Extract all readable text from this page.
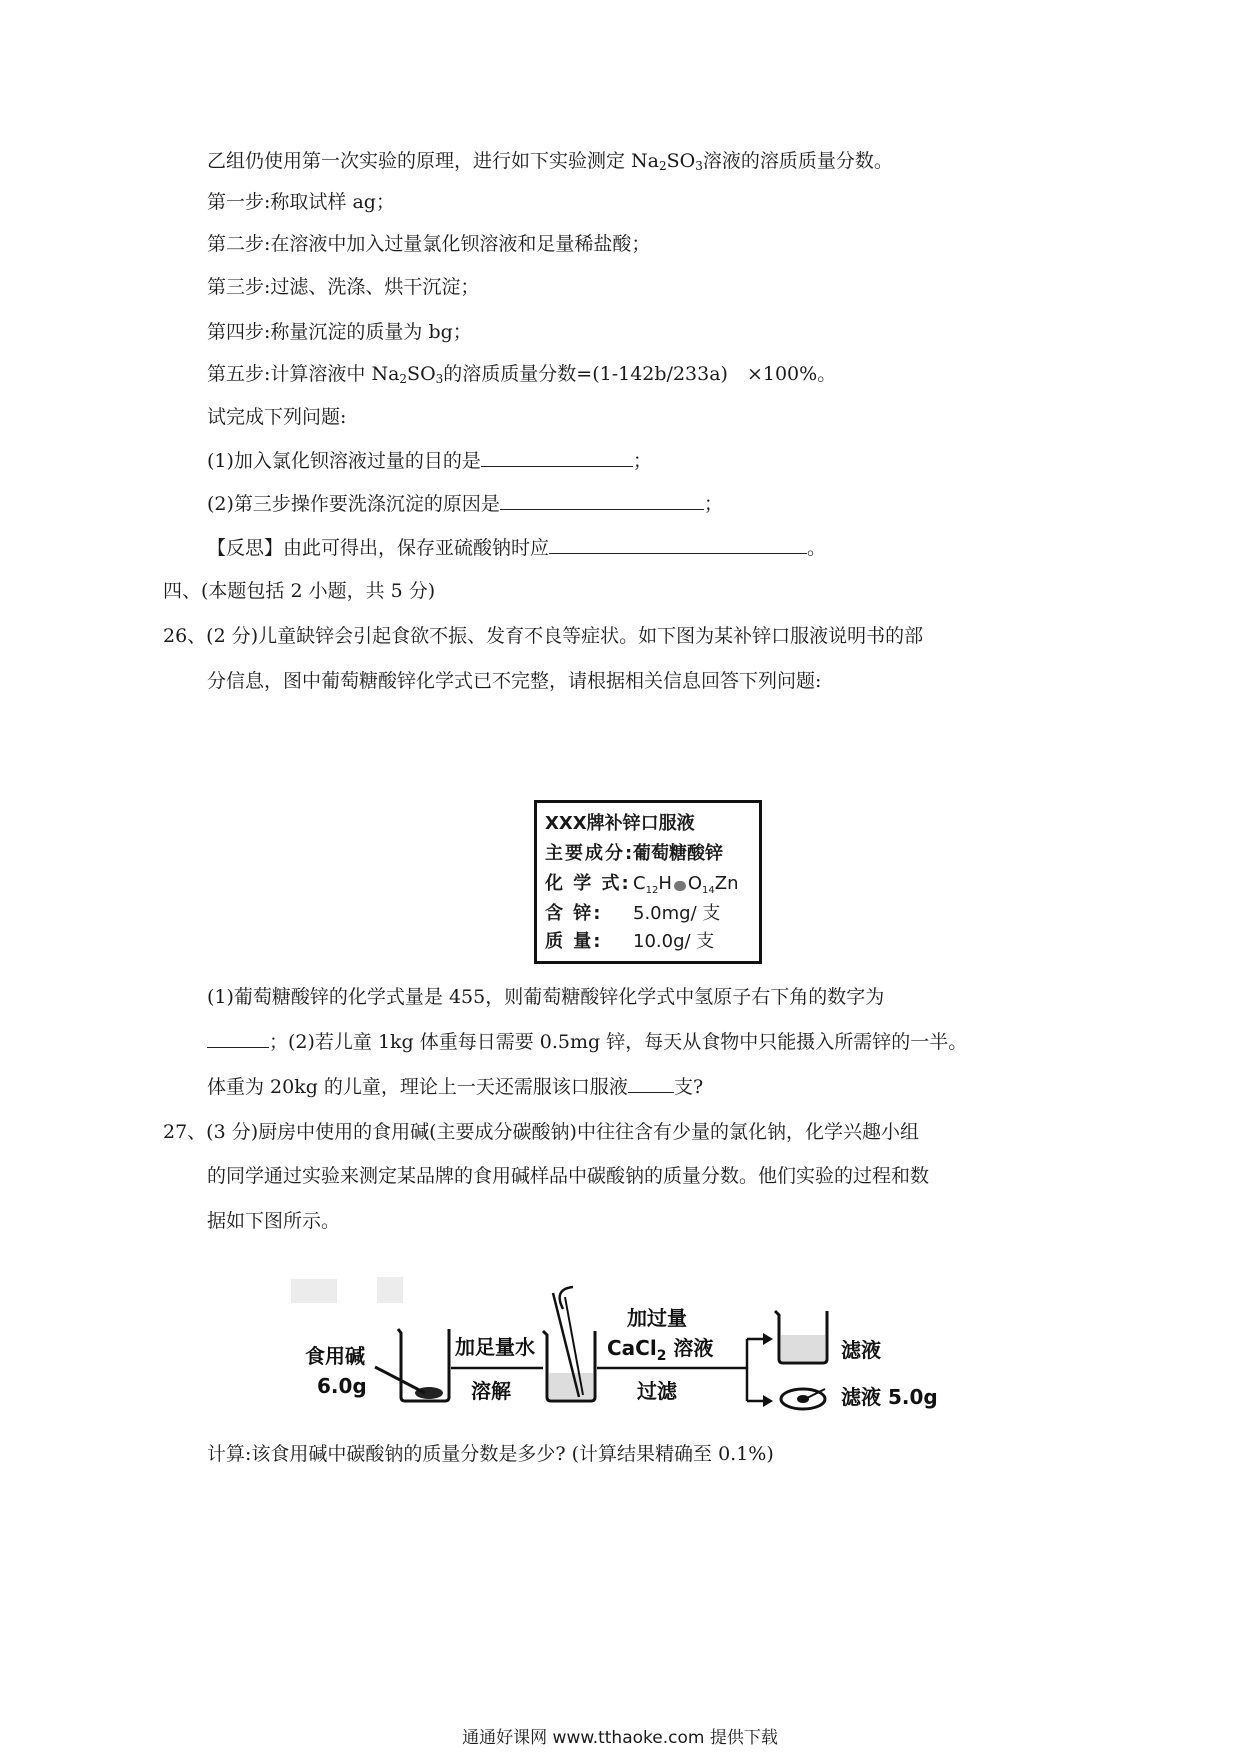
乙组仍使用第一次实验的原理，进行如下实验测定 $Na_2SO_3$溶液的溶质质量分数。
第一步:称取试样 ag；
第二步:在溶液中加入过量氯化钡溶液和足量稀盐酸；
第三步:过滤、洗涤、烘干沉淀；
第四步:称量沉淀的质量为 bg；
第五步:计算溶液中 $Na_2SO_3$的溶质质量分数=(1-142b/233a)　×100%。
试完成下列问题:
(1)加入氯化钡溶液过量的目的是	；
(2)第三步操作要洗涤沉淀的原因是	；
【反思】由此可得出，保存亚硫酸钠时应	。
四、(本题包括 2 小题，共 5 分)
26、(2 分)儿童缺锌会引起食欲不振、发育不良等症状。如下图为某补锌口服液说明书的部
分信息，图中葡萄糖酸锌化学式已不完整，请根据相关信息回答下列问题:
XXX牌补锌口服液
主要成分:葡萄糖酸锌
化 学 式: $C_{12}H$ $O_{14}Zn$
含 锌: 5.0mg/ 支
质 量: 10.0g/ 支
(1)葡萄糖酸锌的化学式量是 455，则葡萄糖酸锌化学式中氢原子右下角的数字为
；(2)若儿童 1kg 体重每日需要 0.5mg 锌，每天从食物中只能摄入所需锌的一半。
体重为 20kg 的儿童，理论上一天还需服该口服液 支?
27、(3 分)厨房中使用的食用碱(主要成分碳酸钠)中往往含有少量的氯化钠，化学兴趣小组
的同学通过实验来测定某品牌的食用碱样品中碳酸钠的质量分数。他们实验的过程和数
据如下图所示。
食用碱
6.0g
加足量水
溶解
加过量
CaCl$_2$ 溶液
过滤
滤液
滤液 5.0g
计算:该食用碱中碳酸钠的质量分数是多少? (计算结果精确至 0.1%)
通通好课网 www.tthaoke.com 提供下载
